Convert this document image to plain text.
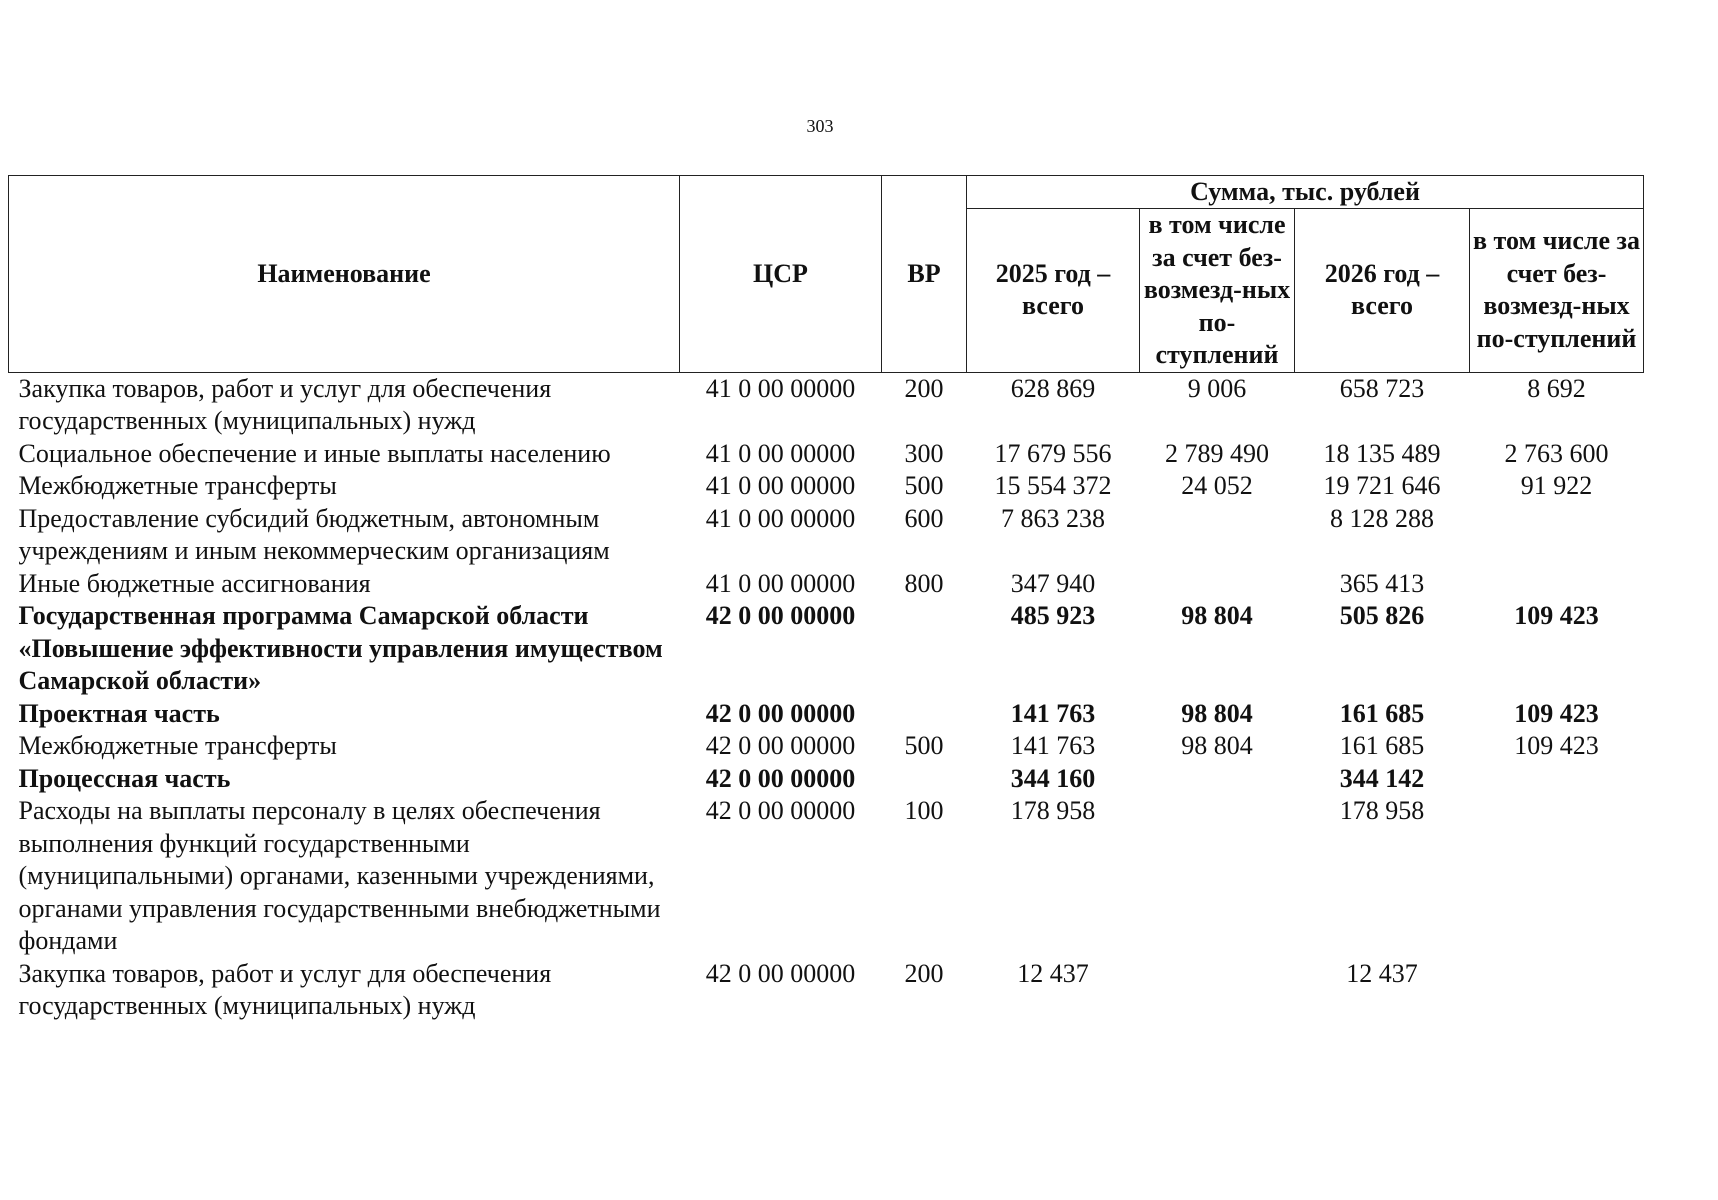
303
Наименование	ЦСР	ВР	Сумма, тыс. рублей			
			2025 год – всего	в том числе за счет без-возмезд-ных по-ступлений	2026 год – всего	в том числе за счет без-возмезд-ных по-ступлений
Закупка товаров, работ и услуг для обеспечения государственных (муниципальных) нужд	41 0 00 00000	200	628 869	9 006	658 723	8 692
Социальное обеспечение и иные выплаты населению	41 0 00 00000	300	17 679 556	2 789 490	18 135 489	2 763 600
Межбюджетные трансферты	41 0 00 00000	500	15 554 372	24 052	19 721 646	91 922
Предоставление субсидий бюджетным, автономным учреждениям и иным некоммерческим организациям	41 0 00 00000	600	7 863 238		8 128 288	
Иные бюджетные ассигнования	41 0 00 00000	800	347 940		365 413	
Государственная программа Самарской области «Повышение эффективности управления имуществом Самарской области»	42 0 00 00000		485 923	98 804	505 826	109 423
Проектная часть	42 0 00 00000		141 763	98 804	161 685	109 423
Межбюджетные трансферты	42 0 00 00000	500	141 763	98 804	161 685	109 423
Процессная часть	42 0 00 00000		344 160		344 142	
Расходы на выплаты персоналу в целях обеспечения выполнения функций государственными (муниципальными) органами, казенными учреждениями, органами управления государственными внебюджетными фондами	42 0 00 00000	100	178 958		178 958	
Закупка товаров, работ и услуг для обеспечения государственных (муниципальных) нужд	42 0 00 00000	200	12 437		12 437	
